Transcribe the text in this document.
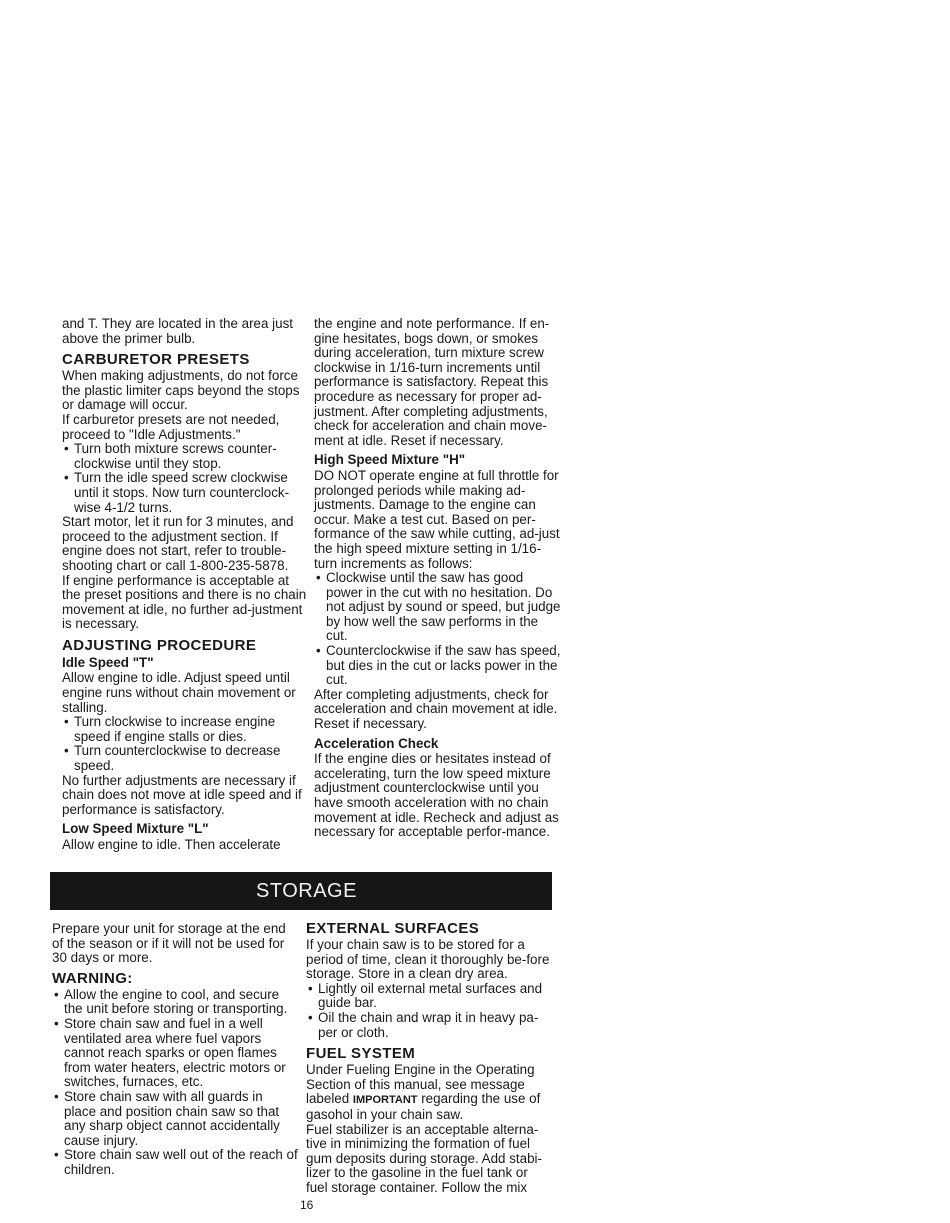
and T. They are located in the area just above the primer bulb.

CARBURETOR PRESETS

When making adjustments, do not force the plastic limiter caps beyond the stops or damage will occur.

If carburetor presets are not needed, proceed to "Idle Adjustments."

• Turn both mixture screws counter-clockwise until they stop.
• Turn the idle speed screw clockwise until it stops. Now turn counterclock-wise 4-1/2 turns.

Start motor, let it run for 3 minutes, and proceed to the adjustment section. If engine does not start, refer to trouble-shooting chart or call 1-800-235-5878.

If engine performance is acceptable at the preset positions and there is no chain movement at idle, no further ad-justment is necessary.

ADJUSTING PROCEDURE
Idle Speed "T"

Allow engine to idle. Adjust speed until engine runs without chain movement or stalling.

• Turn clockwise to increase engine speed if engine stalls or dies.
• Turn counterclockwise to decrease speed.

No further adjustments are necessary if chain does not move at idle speed and if performance is satisfactory.

Low Speed Mixture "L"

Allow engine to idle. Then accelerate

the engine and note performance. If en-gine hesitates, bogs down, or smokes during acceleration, turn mixture screw clockwise in 1/16-turn increments until performance is satisfactory. Repeat this procedure as necessary for proper ad-justment. After completing adjustments, check for acceleration and chain move-ment at idle. Reset if necessary.

High Speed Mixture "H"

DO NOT operate engine at full throttle for prolonged periods while making ad-justments. Damage to the engine can occur. Make a test cut. Based on per-formance of the saw while cutting, ad-just the high speed mixture setting in 1/16-turn increments as follows:

• Clockwise until the saw has good power in the cut with no hesitation. Do not adjust by sound or speed, but judge by how well the saw performs in the cut.
• Counterclockwise if the saw has speed, but dies in the cut or lacks power in the cut.

After completing adjustments, check for acceleration and chain movement at idle. Reset if necessary.

Acceleration Check

If the engine dies or hesitates instead of accelerating, turn the low speed mixture adjustment counterclockwise until you have smooth acceleration with no chain movement at idle. Recheck and adjust as necessary for acceptable perfor-mance.

STORAGE

Prepare your unit for storage at the end of the season or if it will not be used for 30 days or more.

WARNING:
• Allow the engine to cool, and secure the unit before storing or transporting.
• Store chain saw and fuel in a well ventilated area where fuel vapors cannot reach sparks or open flames from water heaters, electric motors or switches, furnaces, etc.
• Store chain saw with all guards in place and position chain saw so that any sharp object cannot accidentally cause injury.
• Store chain saw well out of the reach of children.
EXTERNAL SURFACES

If your chain saw is to be stored for a period of time, clean it thoroughly be-fore storage. Store in a clean dry area.

• Lightly oil external metal surfaces and guide bar.
• Oil the chain and wrap it in heavy pa-per or cloth.
FUEL SYSTEM

Under Fueling Engine in the Operating Section of this manual, see message labeled IMPORTANT regarding the use of gasohol in your chain saw.

Fuel stabilizer is an acceptable alterna-tive in minimizing the formation of fuel gum deposits during storage. Add stabi-lizer to the gasoline in the fuel tank or fuel storage container. Follow the mix

16
